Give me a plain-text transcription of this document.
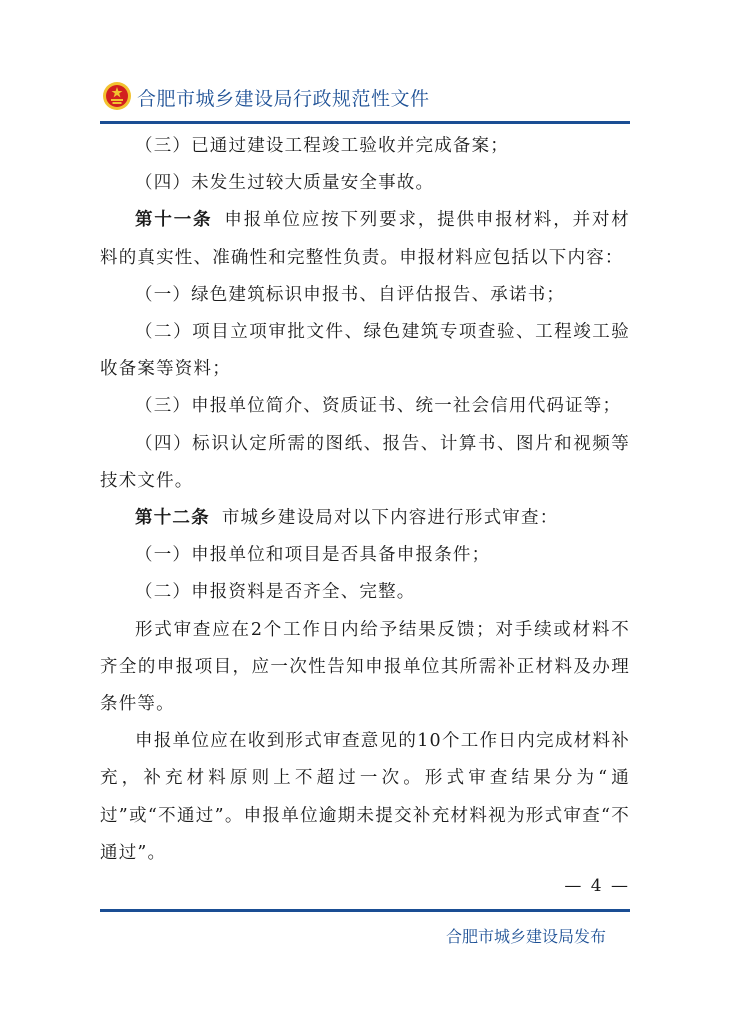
合肥市城乡建设局行政规范性文件

（三）已通过建设工程竣工验收并完成备案；

（四）未发生过较大质量安全事故。

第十一条 申报单位应按下列要求，提供申报材料，并对材料的真实性、准确性和完整性负责。申报材料应包括以下内容：

（一）绿色建筑标识申报书、自评估报告、承诺书；

（二）项目立项审批文件、绿色建筑专项查验、工程竣工验收备案等资料；

（三）申报单位简介、资质证书、统一社会信用代码证等；

（四）标识认定所需的图纸、报告、计算书、图片和视频等技术文件。

第十二条 市城乡建设局对以下内容进行形式审查：

（一）申报单位和项目是否具备申报条件；

（二）申报资料是否齐全、完整。

形式审查应在2个工作日内给予结果反馈；对手续或材料不齐全的申报项目，应一次性告知申报单位其所需补正材料及办理条件等。

申报单位应在收到形式审查意见的10个工作日内完成材料补充，补充材料原则上不超过一次。形式审查结果分为“通过”或“不通过”。申报单位逾期未提交补充材料视为形式审查“不通过”。

— 4 —
合肥市城乡建设局发布
